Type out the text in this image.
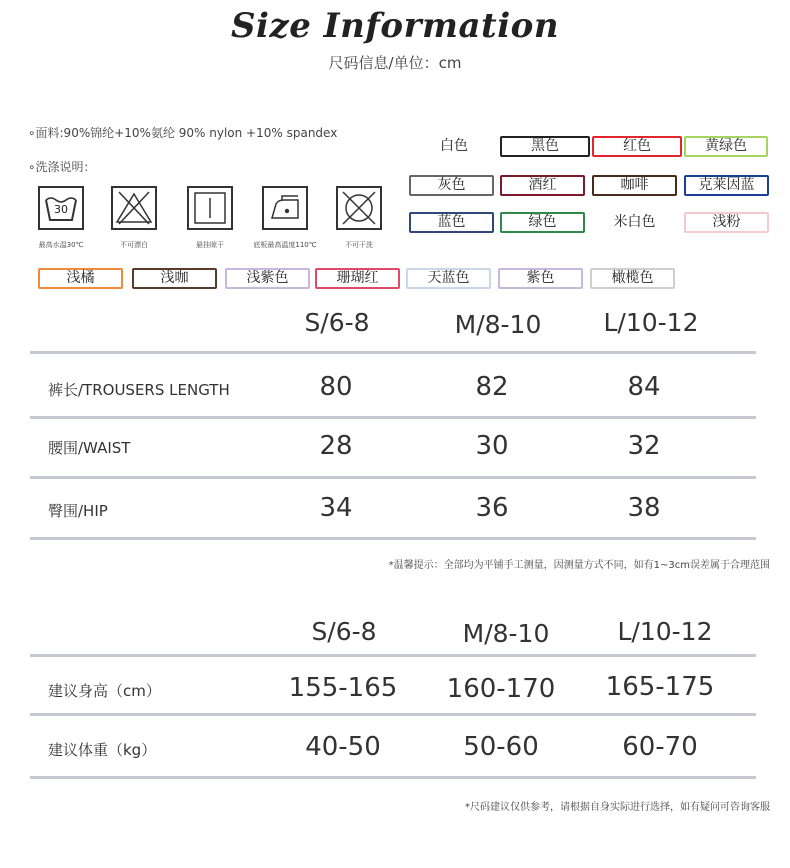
Size Information
尺码信息/单位：cm
∘面料:90%锦纶+10%氨纶 90% nylon +10% spandex
∘洗涤说明：
30
最高水温30℃	不可漂白	悬挂晾干	底板最高温度110℃	不可干洗
白色	黑色	红色	黄绿色
灰色	酒红	咖啡	克莱因蓝
蓝色	绿色	米白色	浅粉
浅橘	浅咖	浅紫色	珊瑚红	天蓝色	紫色	橄榄色
S/6-8	M/8-10	L/10-12
裤长/TROUSERS LENGTH	80	82	84
腰围/WAIST	28	30	32
臀围/HIP	34	36	38
*温馨提示：全部均为平铺手工测量，因测量方式不同，如有1~3cm误差属于合理范围
S/6-8	M/8-10	L/10-12
建议身高（cm）	155-165 160-170 165-175
建议体重（kg）	40-50	50-60	60-70
*尺码建议仅供参考，请根据自身实际进行选择，如有疑问可咨询客服
